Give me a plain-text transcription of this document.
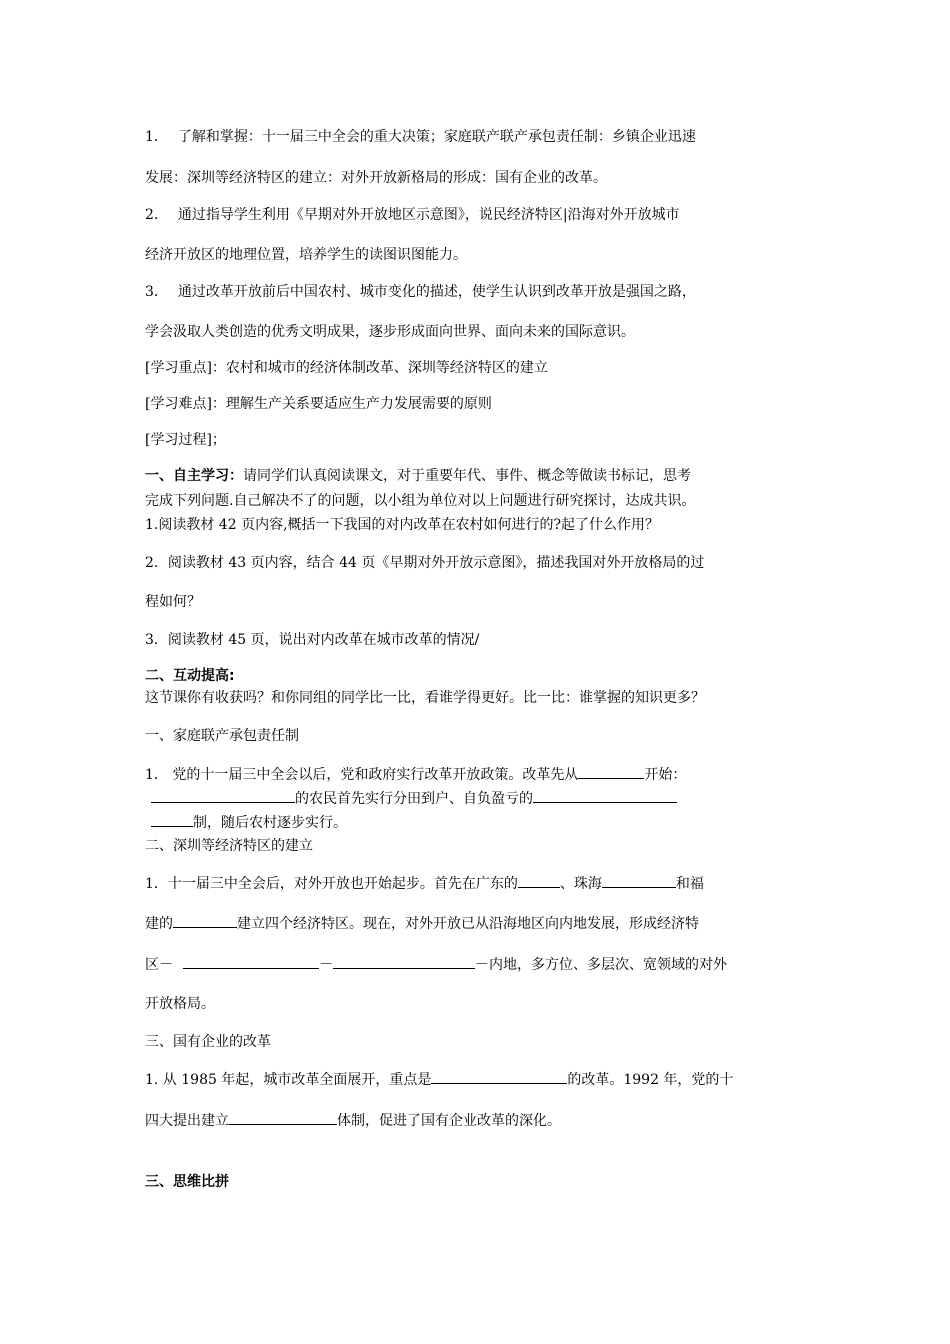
1． 了解和掌握：十一届三中全会的重大决策；家庭联产联产承包责任制：乡镇企业迅速
发展：深圳等经济特区的建立：对外开放新格局的形成：国有企业的改革。
2． 通过指导学生利用《早期对外开放地区示意图》，说民经济特区|沿海对外开放城市
经济开放区的地理位置，培养学生的读图识图能力。
3． 通过改革开放前后中国农村、城市变化的描述，使学生认识到改革开放是强国之路，
学会汲取人类创造的优秀文明成果，逐步形成面向世界、面向未来的国际意识。
[学习重点]：农村和城市的经济体制改革、深圳等经济特区的建立
[学习难点]：理解生产关系要适应生产力发展需要的原则
[学习过程]；
一、自主学习：请同学们认真阅读课文，对于重要年代、事件、概念等做读书标记，思考
完成下列问题.自己解决不了的问题，以小组为单位对以上问题进行研究探讨，达成共识。
1.阅读教材 42 页内容,概括一下我国的对内改革在农村如何进行的?起了什么作用？
2．阅读教材 43 页内容，结合 44 页《早期对外开放示意图》，描述我国对外开放格局的过
程如何？
3．阅读教材 45 页，说出对内改革在城市改革的情况/
二、互动提高:
这节课你有收获吗？和你同组的同学比一比，看谁学得更好。比一比：谁掌握的知识更多？
一、家庭联产承包责任制
1． 党的十一届三中全会以后，党和政府实行改革开放政策。改革先从	开始：
的农民首先实行分田到户、自负盈亏的
制，随后农村逐步实行。
二、深圳等经济特区的建立
1．十一届三中全会后，对外开放也开始起步。首先在广东的	、珠海	和福
建的	建立四个经济特区。现在，对外开放已从沿海地区向内地发展，形成经济特
区－	－	－内地，多方位、多层次、宽领域的对外
开放格局。
三、国有企业的改革
1. 从 1985 年起，城市改革全面展开，重点是	的改革。1992 年，党的十
四大提出建立	体制，促进了国有企业改革的深化。
三、思维比拼
